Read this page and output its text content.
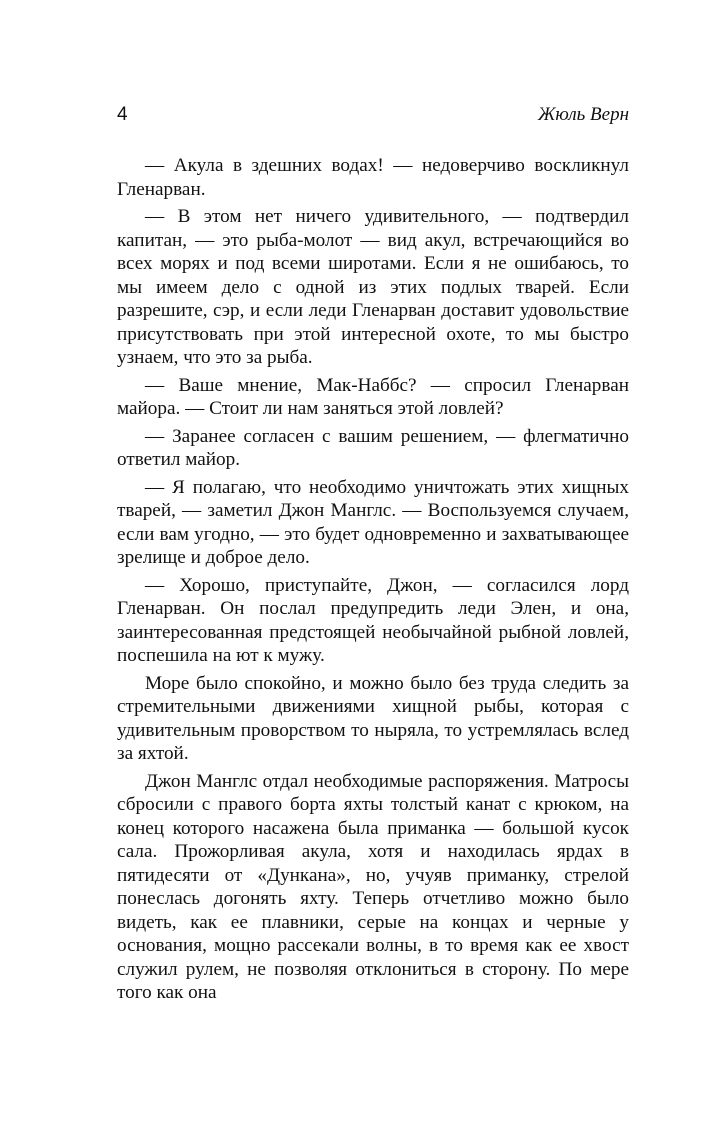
4	Жюль Верн

— Акула в здешних водах! — недоверчиво воскликнул Гленарван.

— В этом нет ничего удивительного, — подтвердил капитан, — это рыба-молот — вид акул, встречающийся во всех морях и под всеми широтами. Если я не ошибаюсь, то мы имеем дело с одной из этих подлых тварей. Если разрешите, сэр, и если леди Гленарван доставит удовольствие присутствовать при этой интересной охоте, то мы быстро узнаем, что это за рыба.

— Ваше мнение, Мак-Наббс? — спросил Гленарван майора. — Стоит ли нам заняться этой ловлей?

— Заранее согласен с вашим решением, — флегматично ответил майор.

— Я полагаю, что необходимо уничтожать этих хищных тварей, — заметил Джон Манглс. — Воспользуемся случаем, если вам угодно, — это будет одновременно и захватывающее зрелище и доброе дело.

— Хорошо, приступайте, Джон, — согласился лорд Гленарван. Он послал предупредить леди Элен, и она, заинтересованная предстоящей необычайной рыбной ловлей, поспешила на ют к мужу.

Море было спокойно, и можно было без труда следить за стремительными движениями хищной рыбы, которая с удивительным проворством то ныряла, то устремлялась вслед за яхтой.

Джон Манглс отдал необходимые распоряжения. Матросы сбросили с правого борта яхты толстый канат с крюком, на конец которого насажена была приманка — большой кусок сала. Прожорливая акула, хотя и находилась ярдах в пятидесяти от «Дункана», но, учуяв приманку, стрелой понеслась догонять яхту. Теперь отчетливо можно было видеть, как ее плавники, серые на концах и черные у основания, мощно рассекали волны, в то время как ее хвост служил рулем, не позволяя отклониться в сторону. По мере того как она
